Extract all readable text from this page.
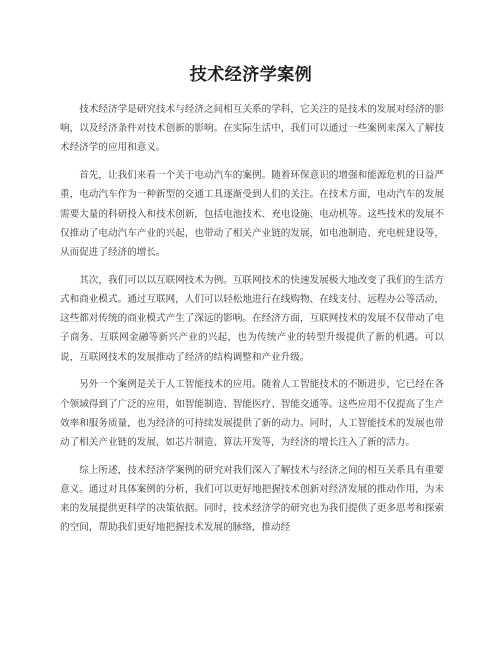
技术经济学案例

技术经济学是研究技术与经济之间相互关系的学科，它关注的是技术的发展对经济的影响，以及经济条件对技术创新的影响。在实际生活中，我们可以通过一些案例来深入了解技术经济学的应用和意义。

首先，让我们来看一个关于电动汽车的案例。随着环保意识的增强和能源危机的日益严重，电动汽车作为一种新型的交通工具逐渐受到人们的关注。在技术方面，电动汽车的发展需要大量的科研投入和技术创新，包括电池技术、充电设施、电动机等。这些技术的发展不仅推动了电动汽车产业的兴起，也带动了相关产业链的发展，如电池制造、充电桩建设等，从而促进了经济的增长。

其次，我们可以以互联网技术为例。互联网技术的快速发展极大地改变了我们的生活方式和商业模式。通过互联网，人们可以轻松地进行在线购物、在线支付、远程办公等活动，这些都对传统的商业模式产生了深远的影响。在经济方面，互联网技术的发展不仅带动了电子商务、互联网金融等新兴产业的兴起，也为传统产业的转型升级提供了新的机遇。可以说，互联网技术的发展推动了经济的结构调整和产业升级。

另外一个案例是关于人工智能技术的应用。随着人工智能技术的不断进步，它已经在各个领域得到了广泛的应用，如智能制造、智能医疗、智能交通等。这些应用不仅提高了生产效率和服务质量，也为经济的可持续发展提供了新的动力。同时，人工智能技术的发展也带动了相关产业链的发展，如芯片制造、算法开发等，为经济的增长注入了新的活力。

综上所述，技术经济学案例的研究对我们深入了解技术与经济之间的相互关系具有重要意义。通过对具体案例的分析，我们可以更好地把握技术创新对经济发展的推动作用，为未来的发展提供更科学的决策依据。同时，技术经济学的研究也为我们提供了更多思考和探索的空间，帮助我们更好地把握技术发展的脉络，推动经
